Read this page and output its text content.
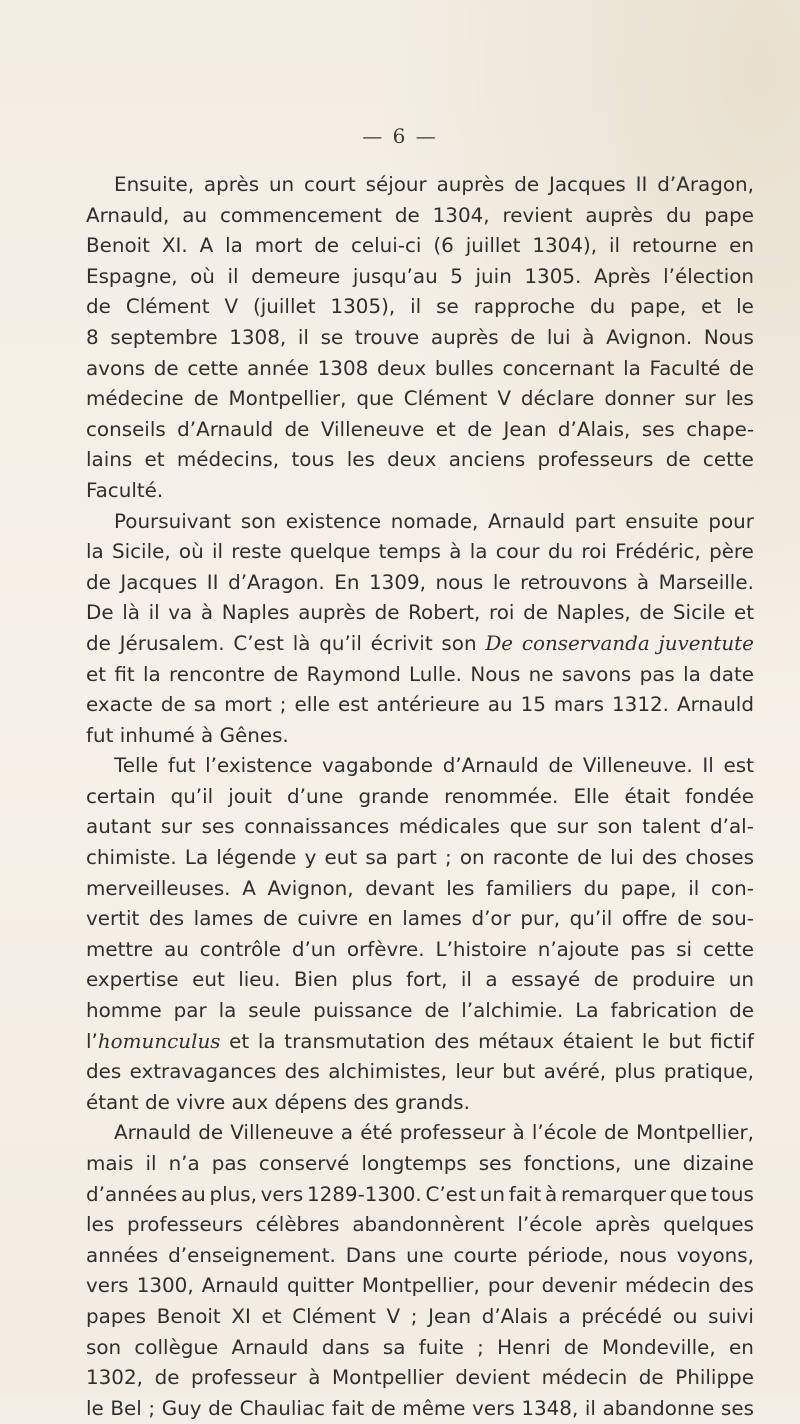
— 6 —
Ensuite, après un court séjour auprès de Jacques II d’Aragon,
Arnauld, au commencement de 1304, revient auprès du pape
Benoit XI. A la mort de celui-ci (6 juillet 1304), il retourne en
Espagne, où il demeure jusqu’au 5 juin 1305. Après l’élection
de Clément V (juillet 1305), il se rapproche du pape, et le
8 septembre 1308, il se trouve auprès de lui à Avignon. Nous
avons de cette année 1308 deux bulles concernant la Faculté de
médecine de Montpellier, que Clément V déclare donner sur les
conseils d’Arnauld de Villeneuve et de Jean d’Alais, ses chape-
lains et médecins, tous les deux anciens professeurs de cette
Faculté.
Poursuivant son existence nomade, Arnauld part ensuite pour
la Sicile, où il reste quelque temps à la cour du roi Frédéric, père
de Jacques II d’Aragon. En 1309, nous le retrouvons à Marseille.
De là il va à Naples auprès de Robert, roi de Naples, de Sicile et
de Jérusalem. C’est là qu’il écrivit son De conservanda juventute
et fit la rencontre de Raymond Lulle. Nous ne savons pas la date
exacte de sa mort ; elle est antérieure au 15 mars 1312. Arnauld
fut
inhumé
à
Gênes.
Telle fut l’existence vagabonde d’Arnauld de Villeneuve. Il est
certain qu’il jouit d’une grande renommée. Elle était fondée
autant sur ses connaissances médicales que sur son talent d’al-
chimiste. La légende y eut sa part ; on raconte de lui des choses
merveilleuses. A Avignon, devant les familiers du pape, il con-
vertit des lames de cuivre en lames d’or pur, qu’il offre de sou-
mettre au contrôle d’un orfèvre. L’histoire n’ajoute pas si cette
expertise eut lieu. Bien plus fort, il a essayé de produire un
homme par la seule puissance de l’alchimie. La fabrication de
l’homunculus et la transmutation des métaux étaient le but fictif
des extravagances des alchimistes, leur but avéré, plus pratique,
étant
de
vivre
aux
dépens
des
grands.
Arnauld de Villeneuve a été professeur à l’école de Montpellier,
mais il n’a pas conservé longtemps ses fonctions, une dizaine
d’années au plus, vers 1289-1300. C’est un fait à remarquer que tous
les professeurs célèbres abandonnèrent l’école après quelques
années d’enseignement. Dans une courte période, nous voyons,
vers 1300, Arnauld quitter Montpellier, pour devenir médecin des
papes Benoit XI et Clément V ; Jean d’Alais a précédé ou suivi
son collègue Arnauld dans sa fuite ; Henri de Mondeville, en
1302, de professeur à Montpellier devient médecin de Philippe
le Bel ; Guy de Chauliac fait de même vers 1348, il abandonne ses
